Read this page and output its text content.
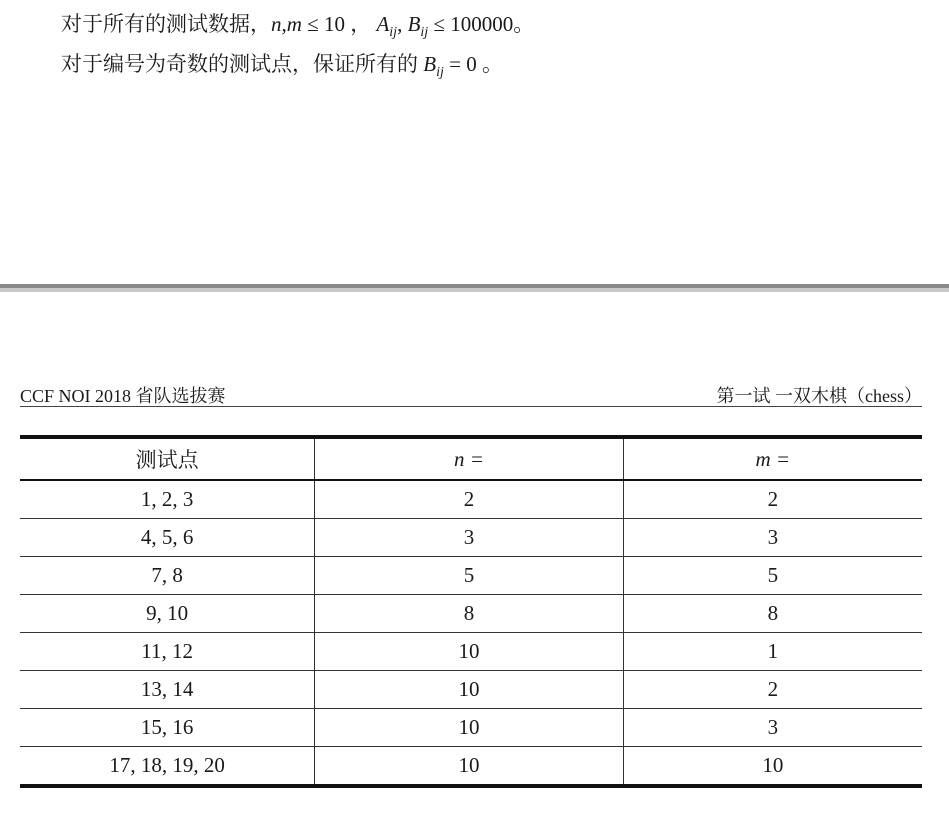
对于所有的测试数据，n,m ≤ 10 ， $A_{ij}$, $B_{ij} \le 100000$。
对于编号为奇数的测试点，保证所有的 $B_{ij} = 0$ 。
CCF NOI 2018 省队选拔赛	第一试 一双木棋（chess）
测试点	n =	m =
1, 2, 3	2	2
4, 5, 6	3	3
7, 8	5	5
9, 10	8	8
11, 12	10	1
13, 14	10	2
15, 16	10	3
17, 18, 19, 20	10	10
